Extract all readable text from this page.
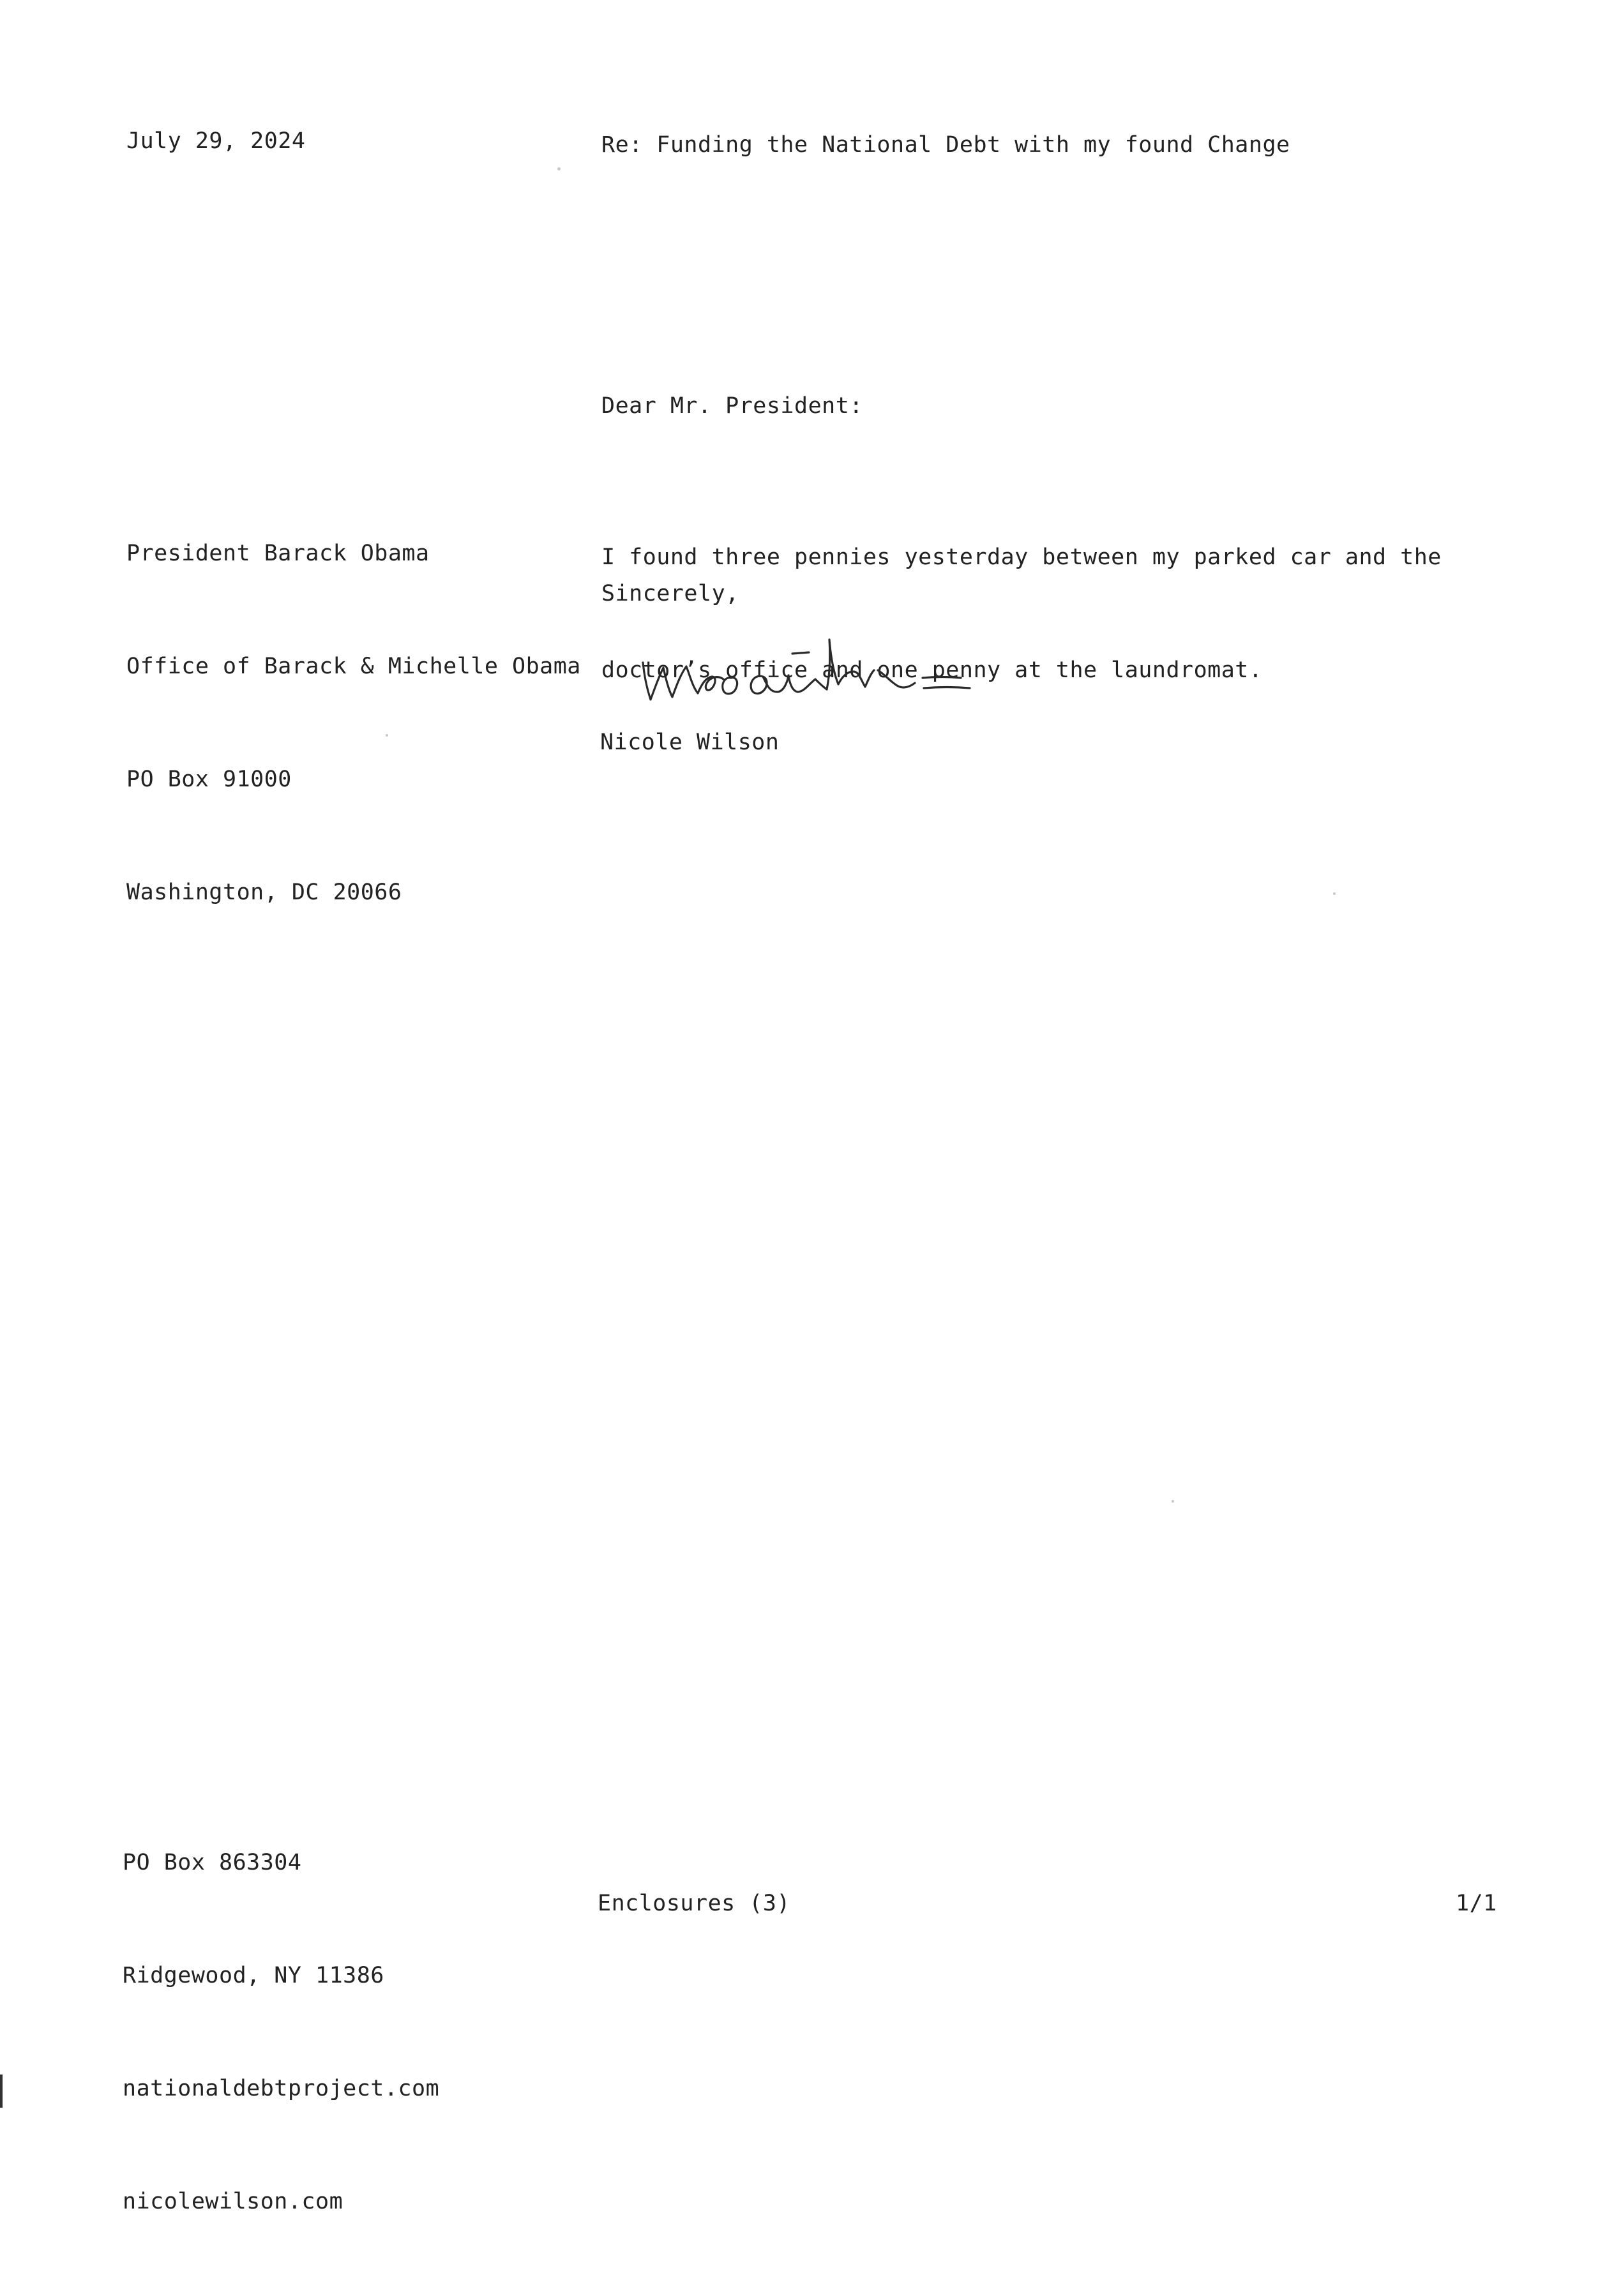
July 29, 2024	Re: Funding the National Debt with my found Change
Dear Mr. President:

President Barack Obama

Office of Barack & Michelle Obama

PO Box 91000

Washington, DC 20066

I found three pennies yesterday between my parked car and the

doctor’s office and one penny at the laundromat.

Sincerely,
Nicole Wilson

PO Box 863304

Ridgewood, NY 11386

nationaldebtproject.com

nicolewilson.com

Enclosures (3)	1/1
